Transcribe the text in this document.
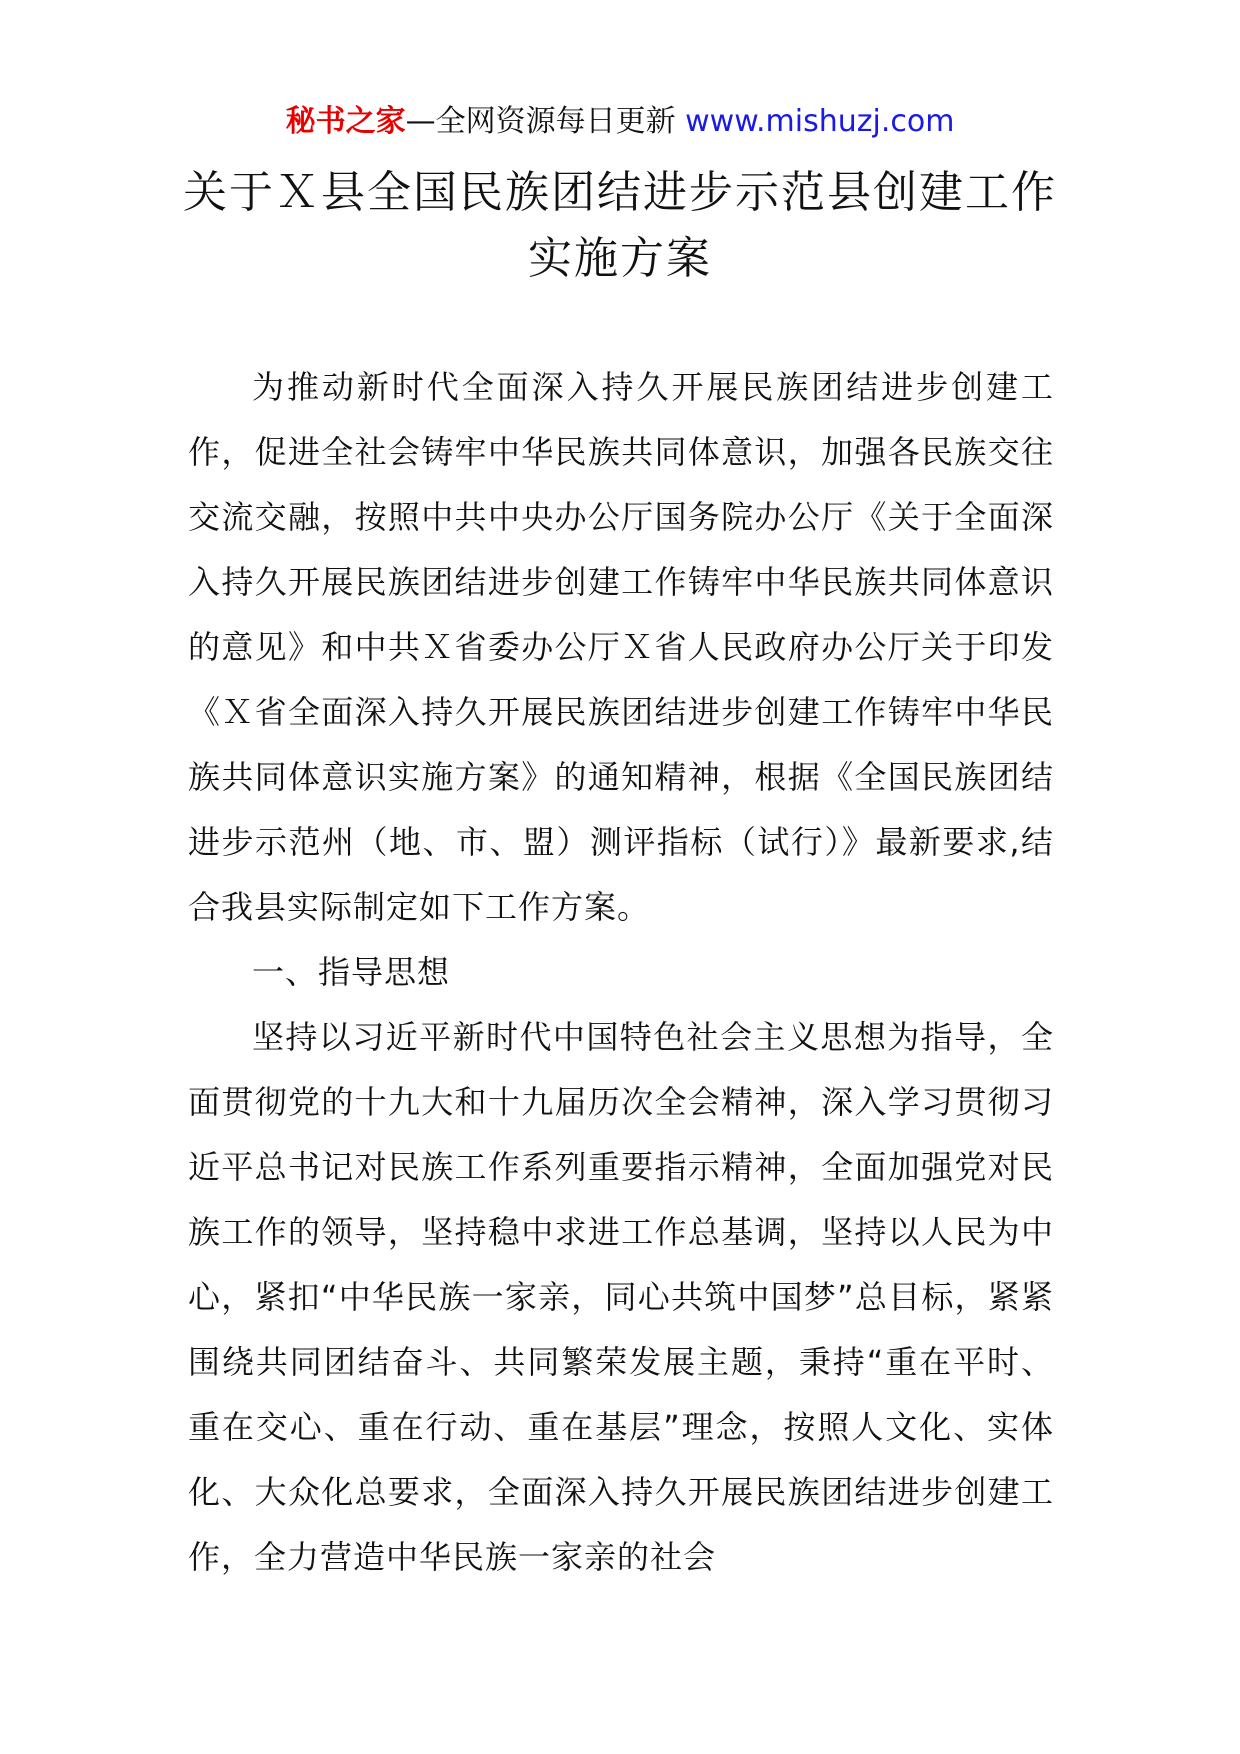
秘书之家—全网资源每日更新 www.mishuzj.com
关于Ｘ县全国民族团结进步示范县创建工作实施方案

为推动新时代全面深入持久开展民族团结进步创建工作，促进全社会铸牢中华民族共同体意识，加强各民族交往交流交融，按照中共中央办公厅国务院办公厅《关于全面深入持久开展民族团结进步创建工作铸牢中华民族共同体意识的意见》和中共Ｘ省委办公厅Ｘ省人民政府办公厅关于印发《Ｘ省全面深入持久开展民族团结进步创建工作铸牢中华民族共同体意识实施方案》的通知精神，根据《全国民族团结进步示范州（地、市、盟）测评指标（试行）》最新要求,结合我县实际制定如下工作方案。

一、指导思想

坚持以习近平新时代中国特色社会主义思想为指导，全面贯彻党的十九大和十九届历次全会精神，深入学习贯彻习近平总书记对民族工作系列重要指示精神，全面加强党对民族工作的领导，坚持稳中求进工作总基调，坚持以人民为中心，紧扣“中华民族一家亲，同心共筑中国梦”总目标，紧紧围绕共同团结奋斗、共同繁荣发展主题，秉持“重在平时、重在交心、重在行动、重在基层”理念，按照人文化、实体化、大众化总要求，全面深入持久开展民族团结进步创建工作，全力营造中华民族一家亲的社会
